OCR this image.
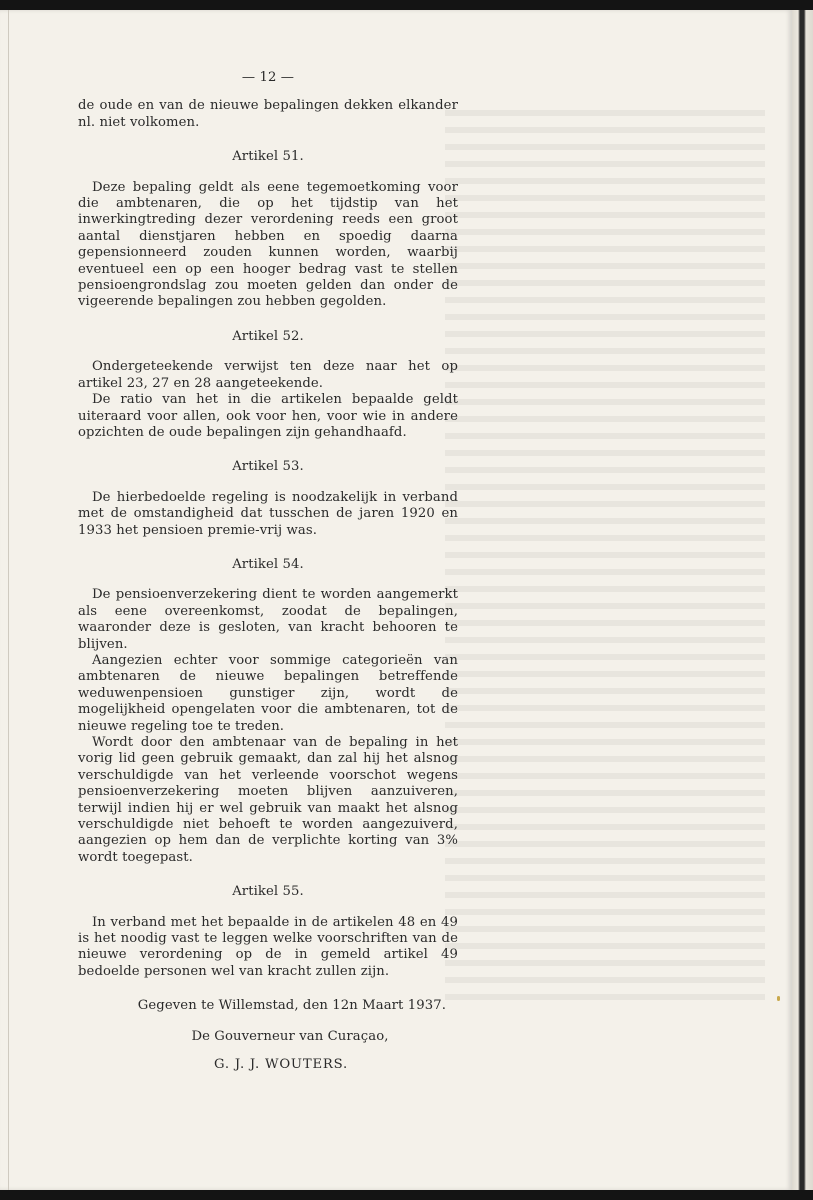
— 12 —

de oude en van de nieuwe bepalingen dekken elkander nl. niet volkomen.

Artikel 51.

Deze bepaling geldt als eene tegemoetkoming voor die ambtenaren, die op het tijdstip van het inwerkingtreding dezer verordening reeds een groot aantal dienstjaren hebben en spoedig daarna gepensionneerd zouden kunnen worden, waarbij eventueel een op een hooger bedrag vast te stellen pensioengrondslag zou moeten gelden dan onder de vigeerende bepalingen zou hebben gegolden.

Artikel 52.

Ondergeteekende verwijst ten deze naar het op artikel 23, 27 en 28 aangeteekende.

De ratio van het in die artikelen bepaalde geldt uiteraard voor allen, ook voor hen, voor wie in andere opzichten de oude bepalingen zijn gehandhaafd.

Artikel 53.

De hierbedoelde regeling is noodzakelijk in verband met de omstandigheid dat tusschen de jaren 1920 en 1933 het pensioen premie-vrij was.

Artikel 54.

De pensioenverzekering dient te worden aangemerkt als eene overeenkomst, zoodat de bepalingen, waaronder deze is gesloten, van kracht behooren te blijven.

Aangezien echter voor sommige categorieën van ambtenaren de nieuwe bepalingen betreffende weduwenpensioen gunstiger zijn, wordt de mogelijkheid opengelaten voor die ambtenaren, tot de nieuwe regeling toe te treden.

Wordt door den ambtenaar van de bepaling in het vorig lid geen gebruik gemaakt, dan zal hij het alsnog verschuldigde van het verleende voorschot wegens pensioenverzekering moeten blijven aanzuiveren, terwijl indien hij er wel gebruik van maakt het alsnog verschuldigde niet behoeft te worden aangezuiverd, aangezien op hem dan de verplichte korting van 3% wordt toegepast.

Artikel 55.

In verband met het bepaalde in de artikelen 48 en 49 is het noodig vast te leggen welke voorschriften van de nieuwe verordening op de in gemeld artikel 49 bedoelde personen wel van kracht zullen zijn.

Gegeven te Willemstad, den 12n Maart 1937.
De Gouverneur van Curaçao,
G. J. J. WOUTERS.
